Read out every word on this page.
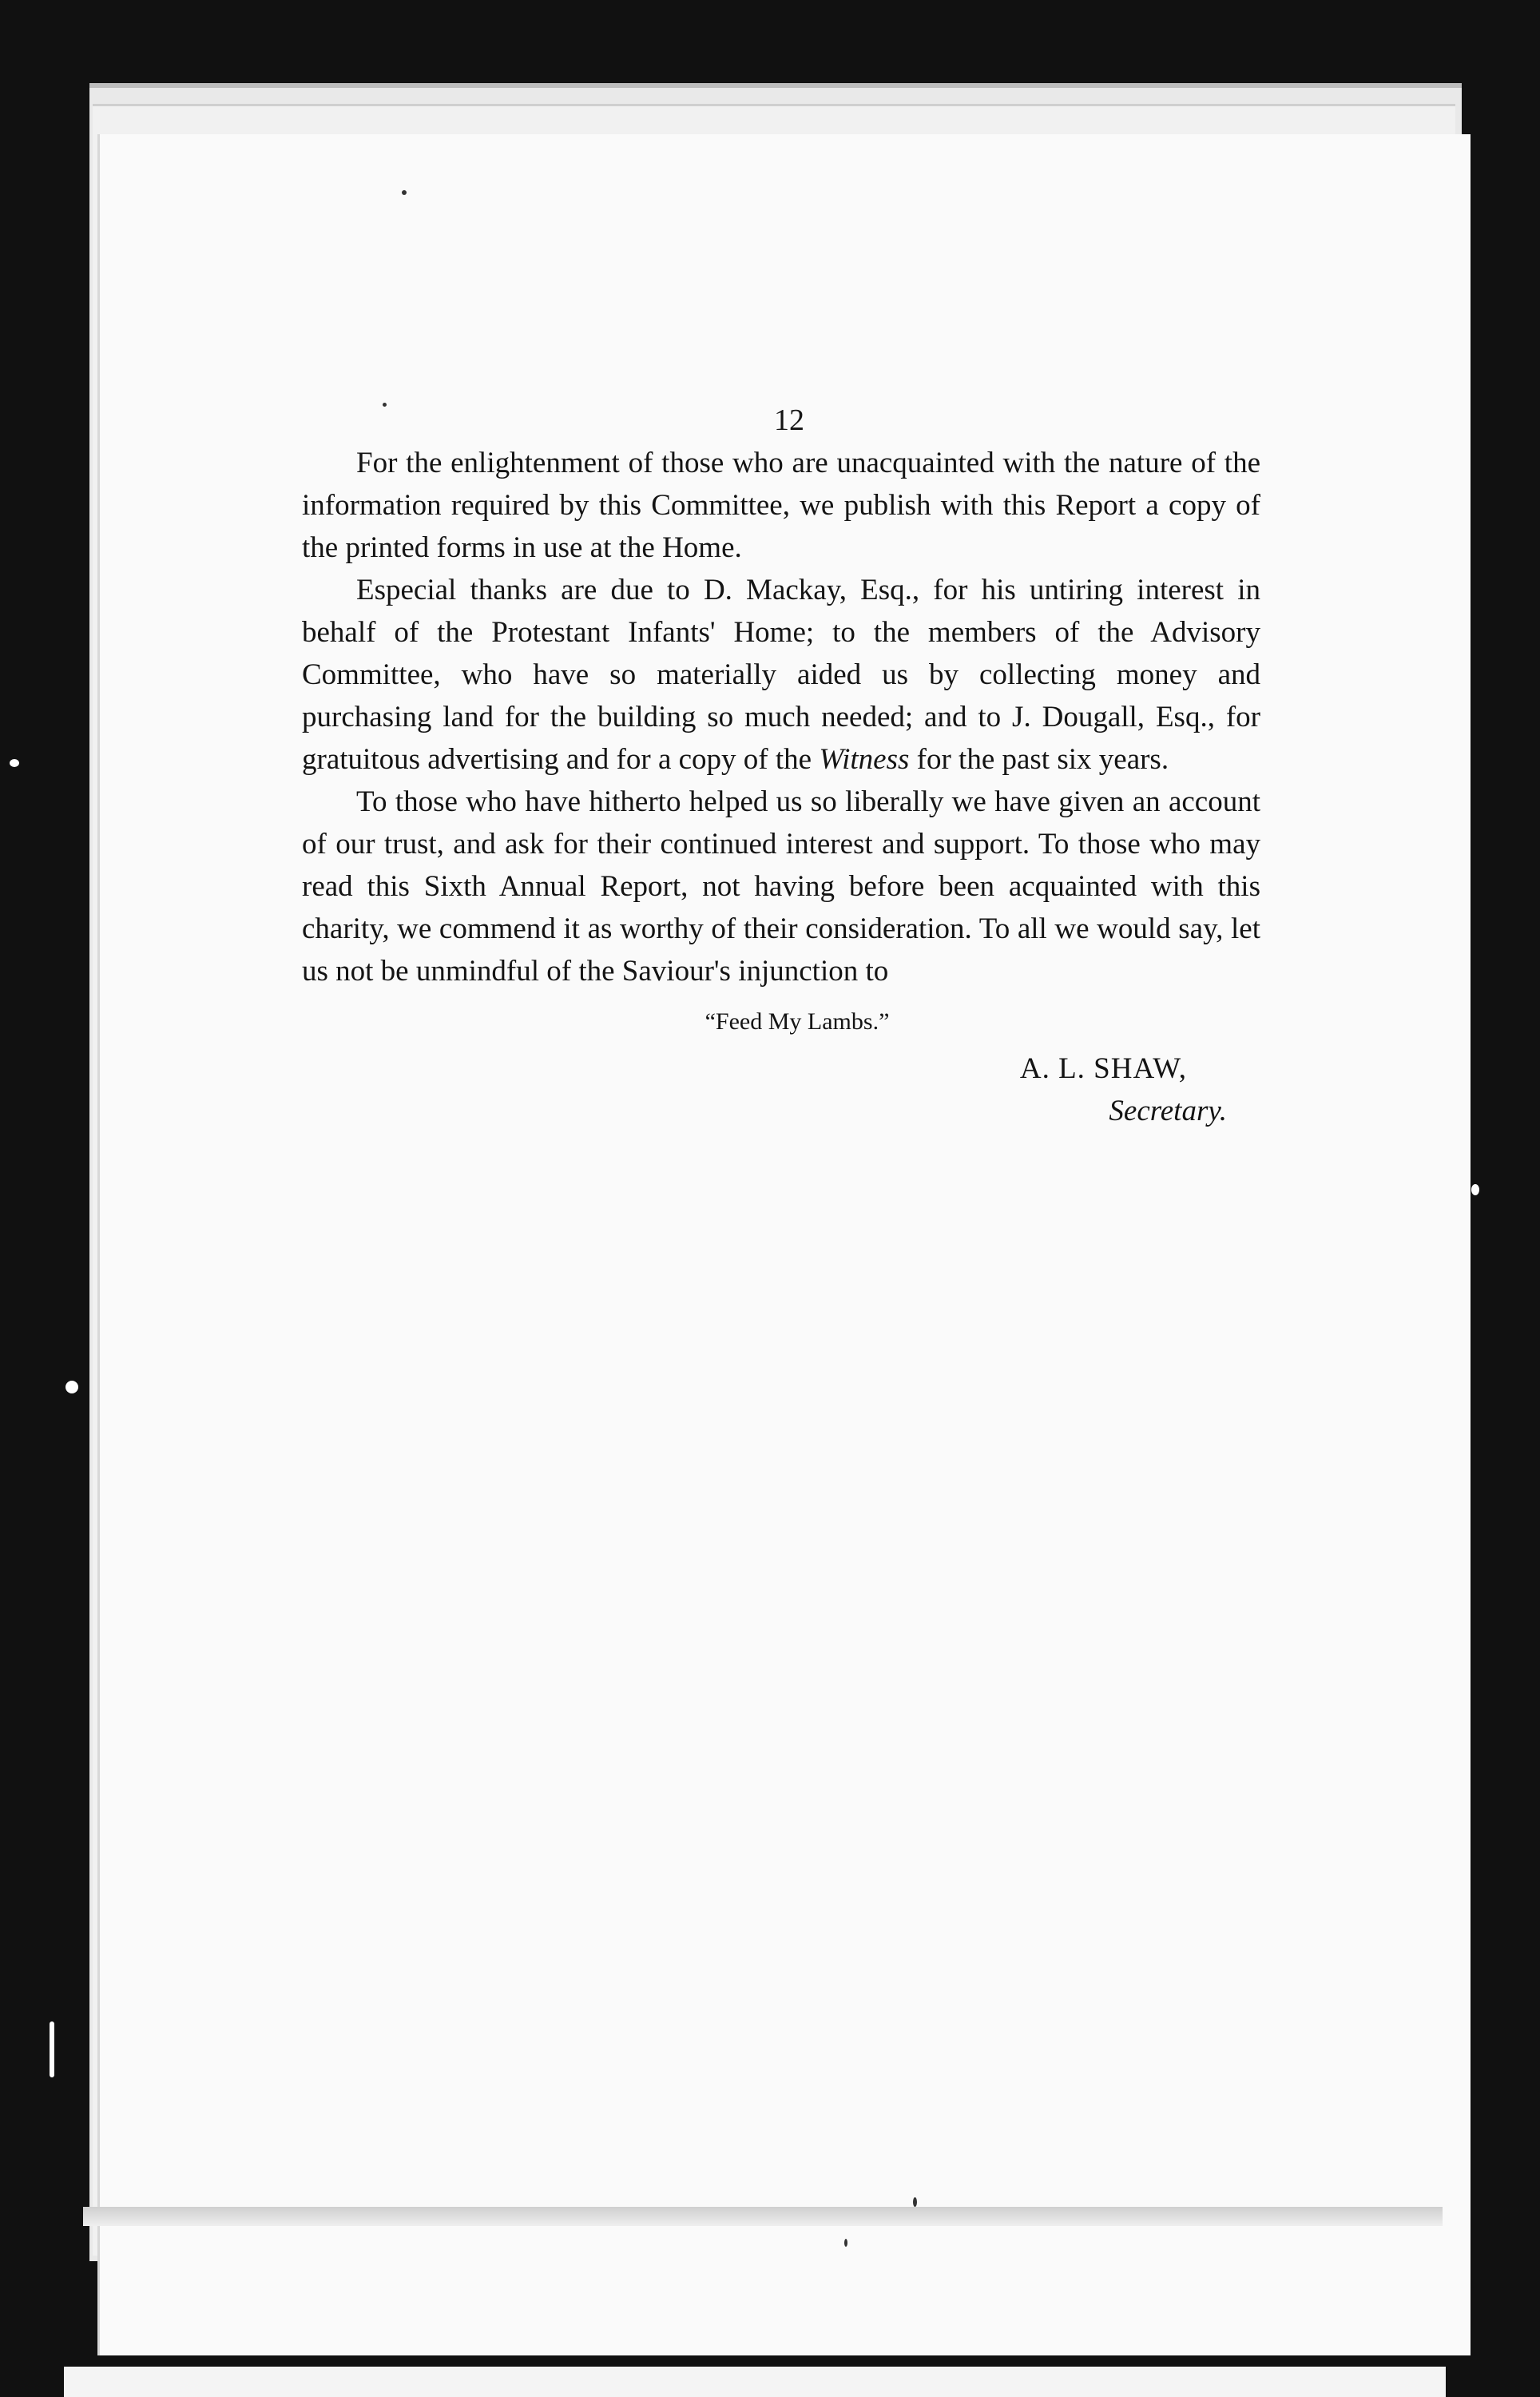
12

For the enlightenment of those who are unacquainted with the nature of the information required by this Committee, we publish with this Report a copy of the printed forms in use at the Home.

Especial thanks are due to D. Mackay, Esq., for his untiring interest in behalf of the Protestant Infants' Home; to the members of the Advisory Committee, who have so materially aided us by collecting money and purchasing land for the building so much needed; and to J. Dougall, Esq., for gratuitous advertising and for a copy of the Witness for the past six years.

To those who have hitherto helped us so liberally we have given an account of our trust, and ask for their continued interest and support. To those who may read this Sixth Annual Report, not having before been acquainted with this charity, we commend it as worthy of their consideration. To all we would say, let us not be unmindful of the Saviour's injunction to

“Feed My Lambs.”
A. L. SHAW,
Secretary.
